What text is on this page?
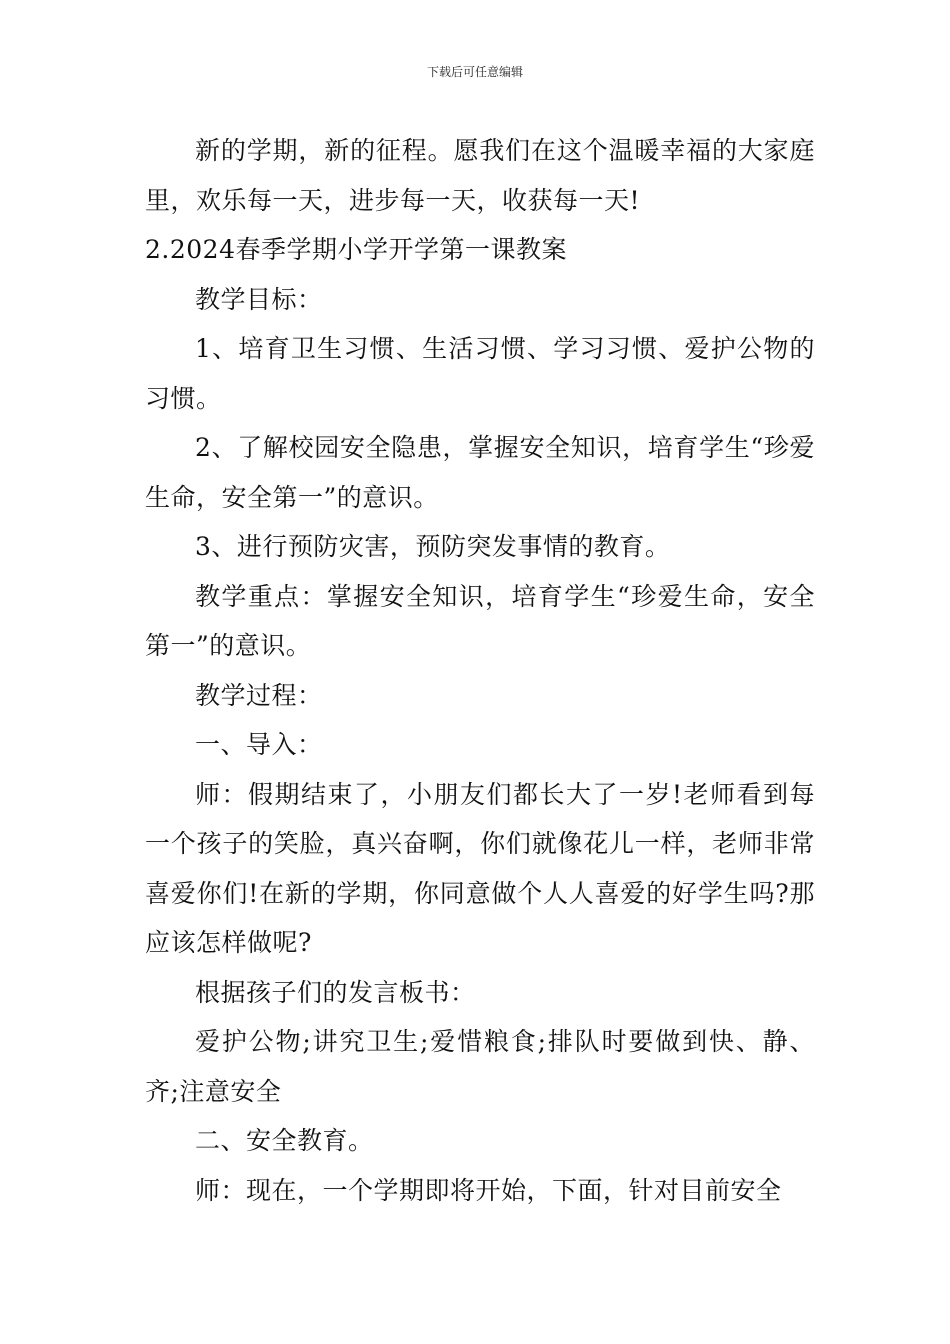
下载后可任意编辑

新的学期，新的征程。愿我们在这个温暖幸福的大家庭里，欢乐每一天，进步每一天，收获每一天!

2.2024春季学期小学开学第一课教案

教学目标：

1、培育卫生习惯、生活习惯、学习习惯、爱护公物的习惯。

2、了解校园安全隐患，掌握安全知识，培育学生“珍爱生命，安全第一”的意识。

3、进行预防灾害，预防突发事情的教育。

教学重点：掌握安全知识，培育学生“珍爱生命，安全第一”的意识。

教学过程：

一、导入：

师：假期结束了，小朋友们都长大了一岁!老师看到每一个孩子的笑脸，真兴奋啊，你们就像花儿一样，老师非常喜爱你们!在新的学期，你同意做个人人喜爱的好学生吗?那应该怎样做呢?

根据孩子们的发言板书：

爱护公物;讲究卫生;爱惜粮食;排队时要做到快、静、齐;注意安全

二、安全教育。

师：现在，一个学期即将开始，下面，针对目前安全
